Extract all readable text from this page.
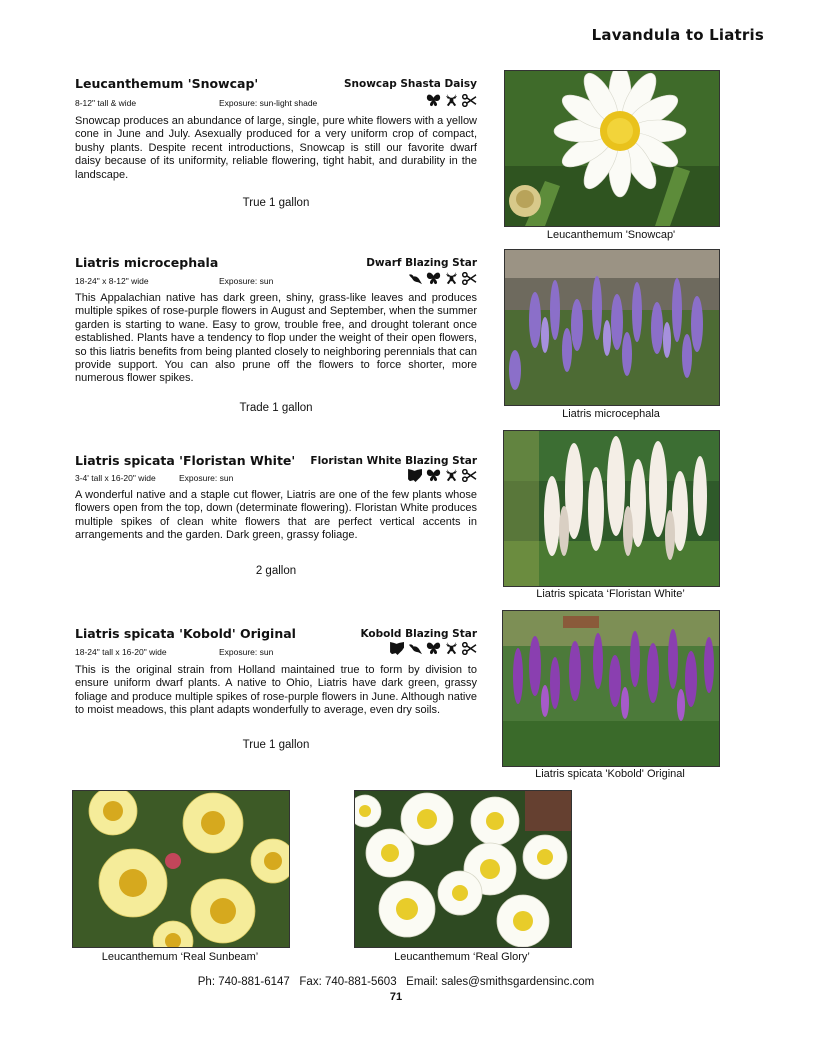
Lavandula to Liatris
Leucanthemum 'Snowcap'	Snowcap Shasta Daisy
8-12" tall & wide	Exposure: sun-light shade
Snowcap produces an abundance of large, single, pure white flowers with a yellow cone in June and July. Asexually produced for a very uniform crop of compact, bushy plants. Despite recent introductions, Snowcap is still our favorite dwarf daisy because of its uniformity, reliable flowering, tight habit, and durability in the landscape.
True 1 gallon
Leucanthemum 'Snowcap'
Liatris microcephala	Dwarf Blazing Star
18-24" x 8-12" wide	Exposure: sun
This Appalachian native has dark green, shiny, grass-like leaves and produces multiple spikes of rose-purple flowers in August and September, when the summer garden is starting to wane. Easy to grow, trouble free, and drought tolerant once established. Plants have a tendency to flop under the weight of their open flowers, so this liatris benefits from being planted closely to neighboring perennials that can provide support. You can also prune off the flowers to force shorter, more numerous flower spikes.
Trade 1 gallon	Liatris microcephala
Liatris spicata 'Floristan White' Floristan White Blazing Star
3-4' tall x 16-20" wide	Exposure: sun
A wonderful native and a staple cut flower, Liatris are one of the few plants whose flowers open from the top, down (determinate flowering). Floristan White produces multiple spikes of clean white flowers that are perfect vertical accents in arrangements and the garden. Dark green, grassy foliage.
2 gallon
Liatris spicata ‘Floristan White’
Liatris spicata 'Kobold' Original	Kobold Blazing Star
18-24" tall x 16-20" wide	Exposure: sun
This is the original strain from Holland maintained true to form by division to ensure uniform dwarf plants. A native to Ohio, Liatris have dark green, grassy foliage and produce multiple spikes of rose-purple flowers in June. Although native to moist meadows, this plant adapts wonderfully to average, even dry soils.
True 1 gallon
Liatris spicata 'Kobold' Original
Leucanthemum ‘Real Sunbeam’	Leucanthemum ‘Real Glory’
Ph: 740-881-6147   Fax: 740-881-5603   Email: sales@smithsgardensinc.com
71
